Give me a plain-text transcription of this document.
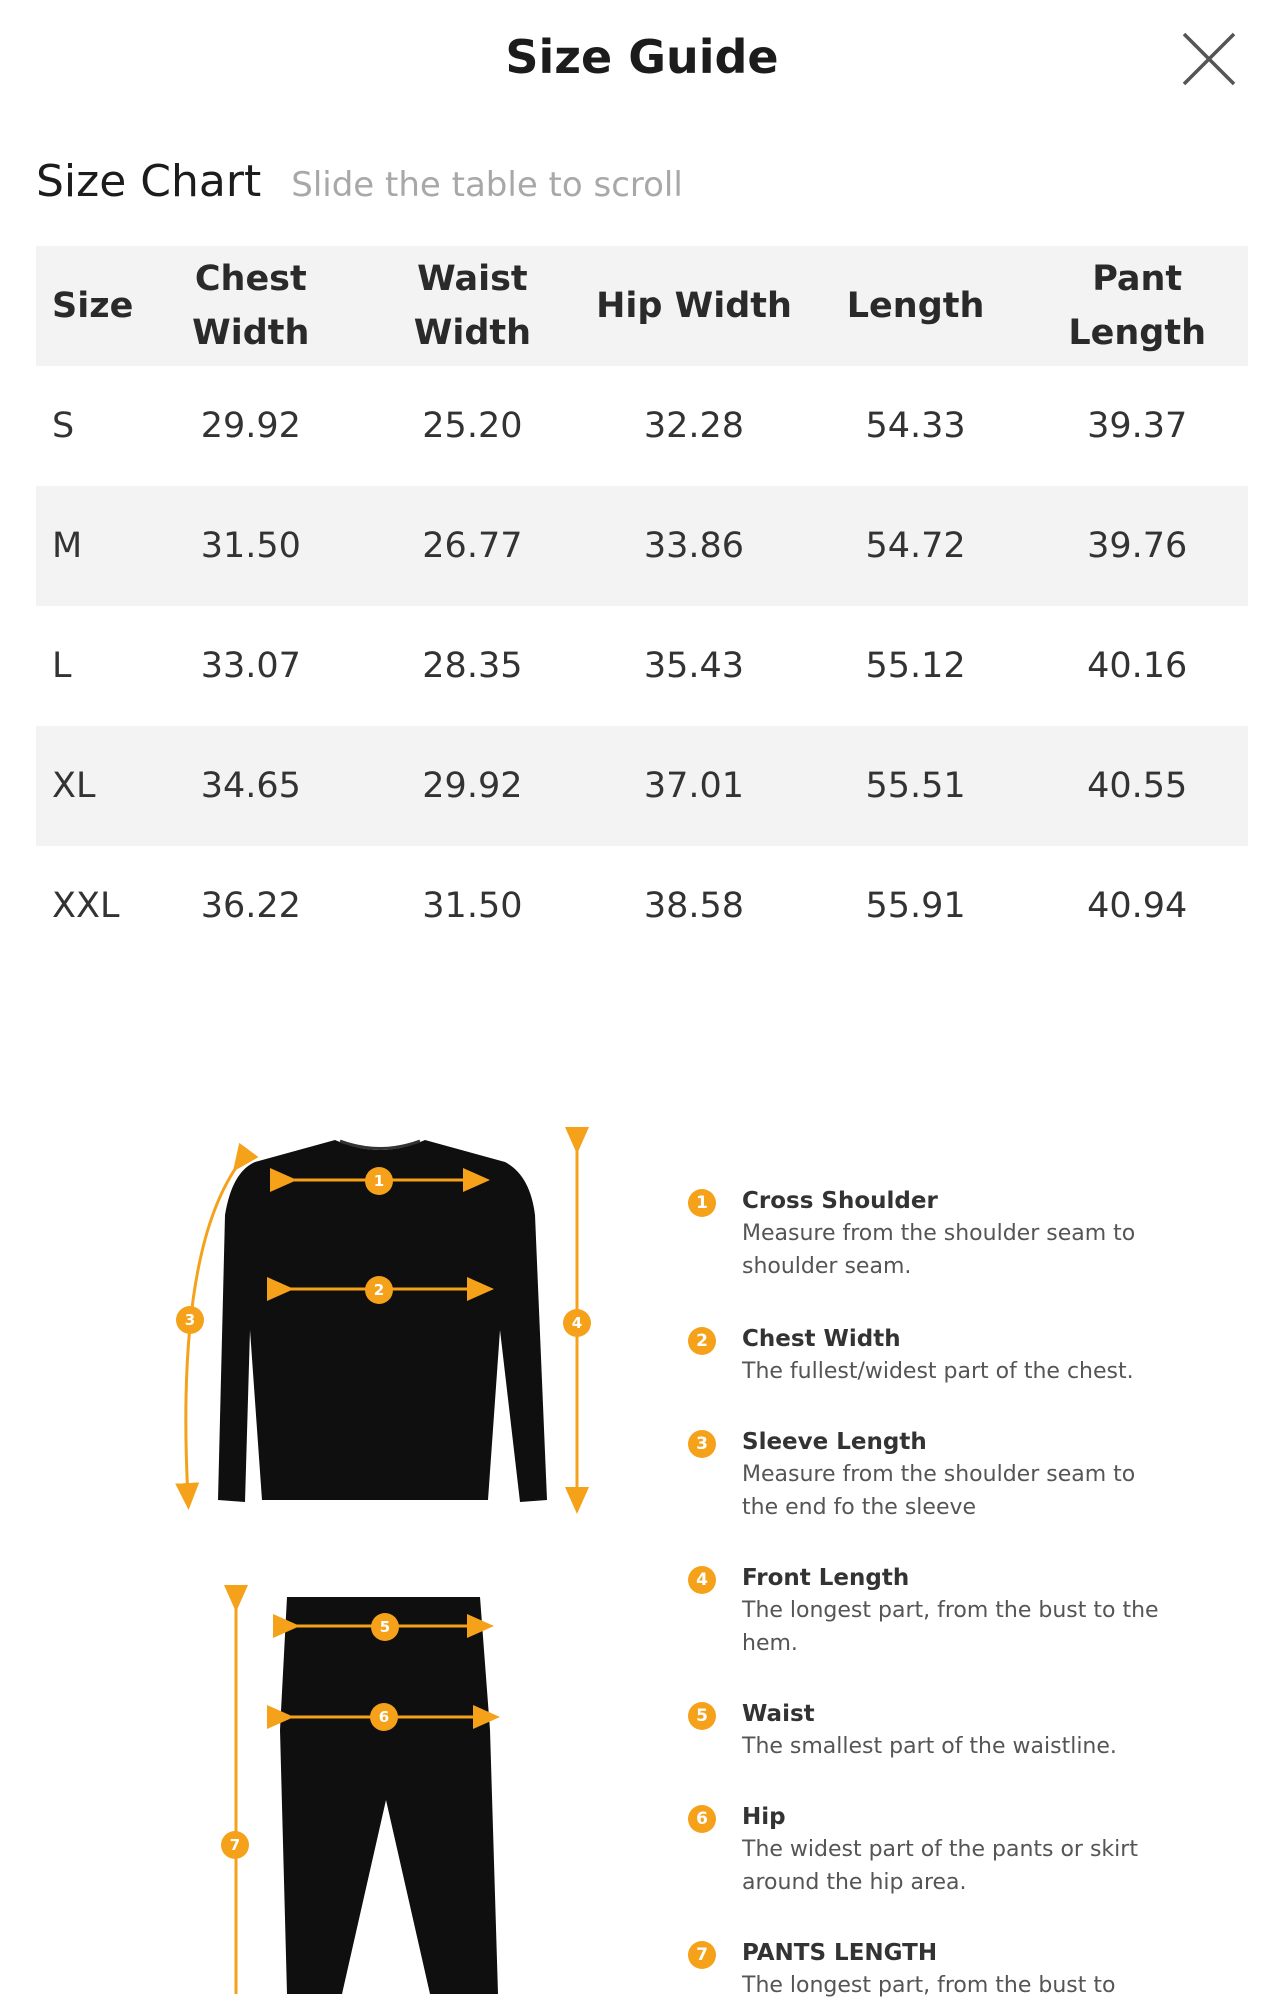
Size Guide
Size Chart Slide the table to scroll
Size	Chest Width	Waist Width	Hip Width	Length	Pant Length
S	29.92	25.20	32.28	54.33	39.37
M	31.50	26.77	33.86	54.72	39.76
L	33.07	28.35	35.43	55.12	40.16
XL	34.65	29.92	37.01	55.51	40.55
XXL	36.22	31.50	38.58	55.91	40.94
1
2
3	4
5
6
7
1	Cross Shoulder
Measure from the shoulder seam to shoulder seam.
2	Chest Width
The fullest/widest part of the chest.
3	Sleeve Length
Measure from the shoulder seam to the end fo the sleeve
4	Front Length
The longest part, from the bust to the hem.
5	Waist
The smallest part of the waistline.
6	Hip
The widest part of the pants or skirt around the hip area.
7	PANTS LENGTH
The longest part, from the bust to
